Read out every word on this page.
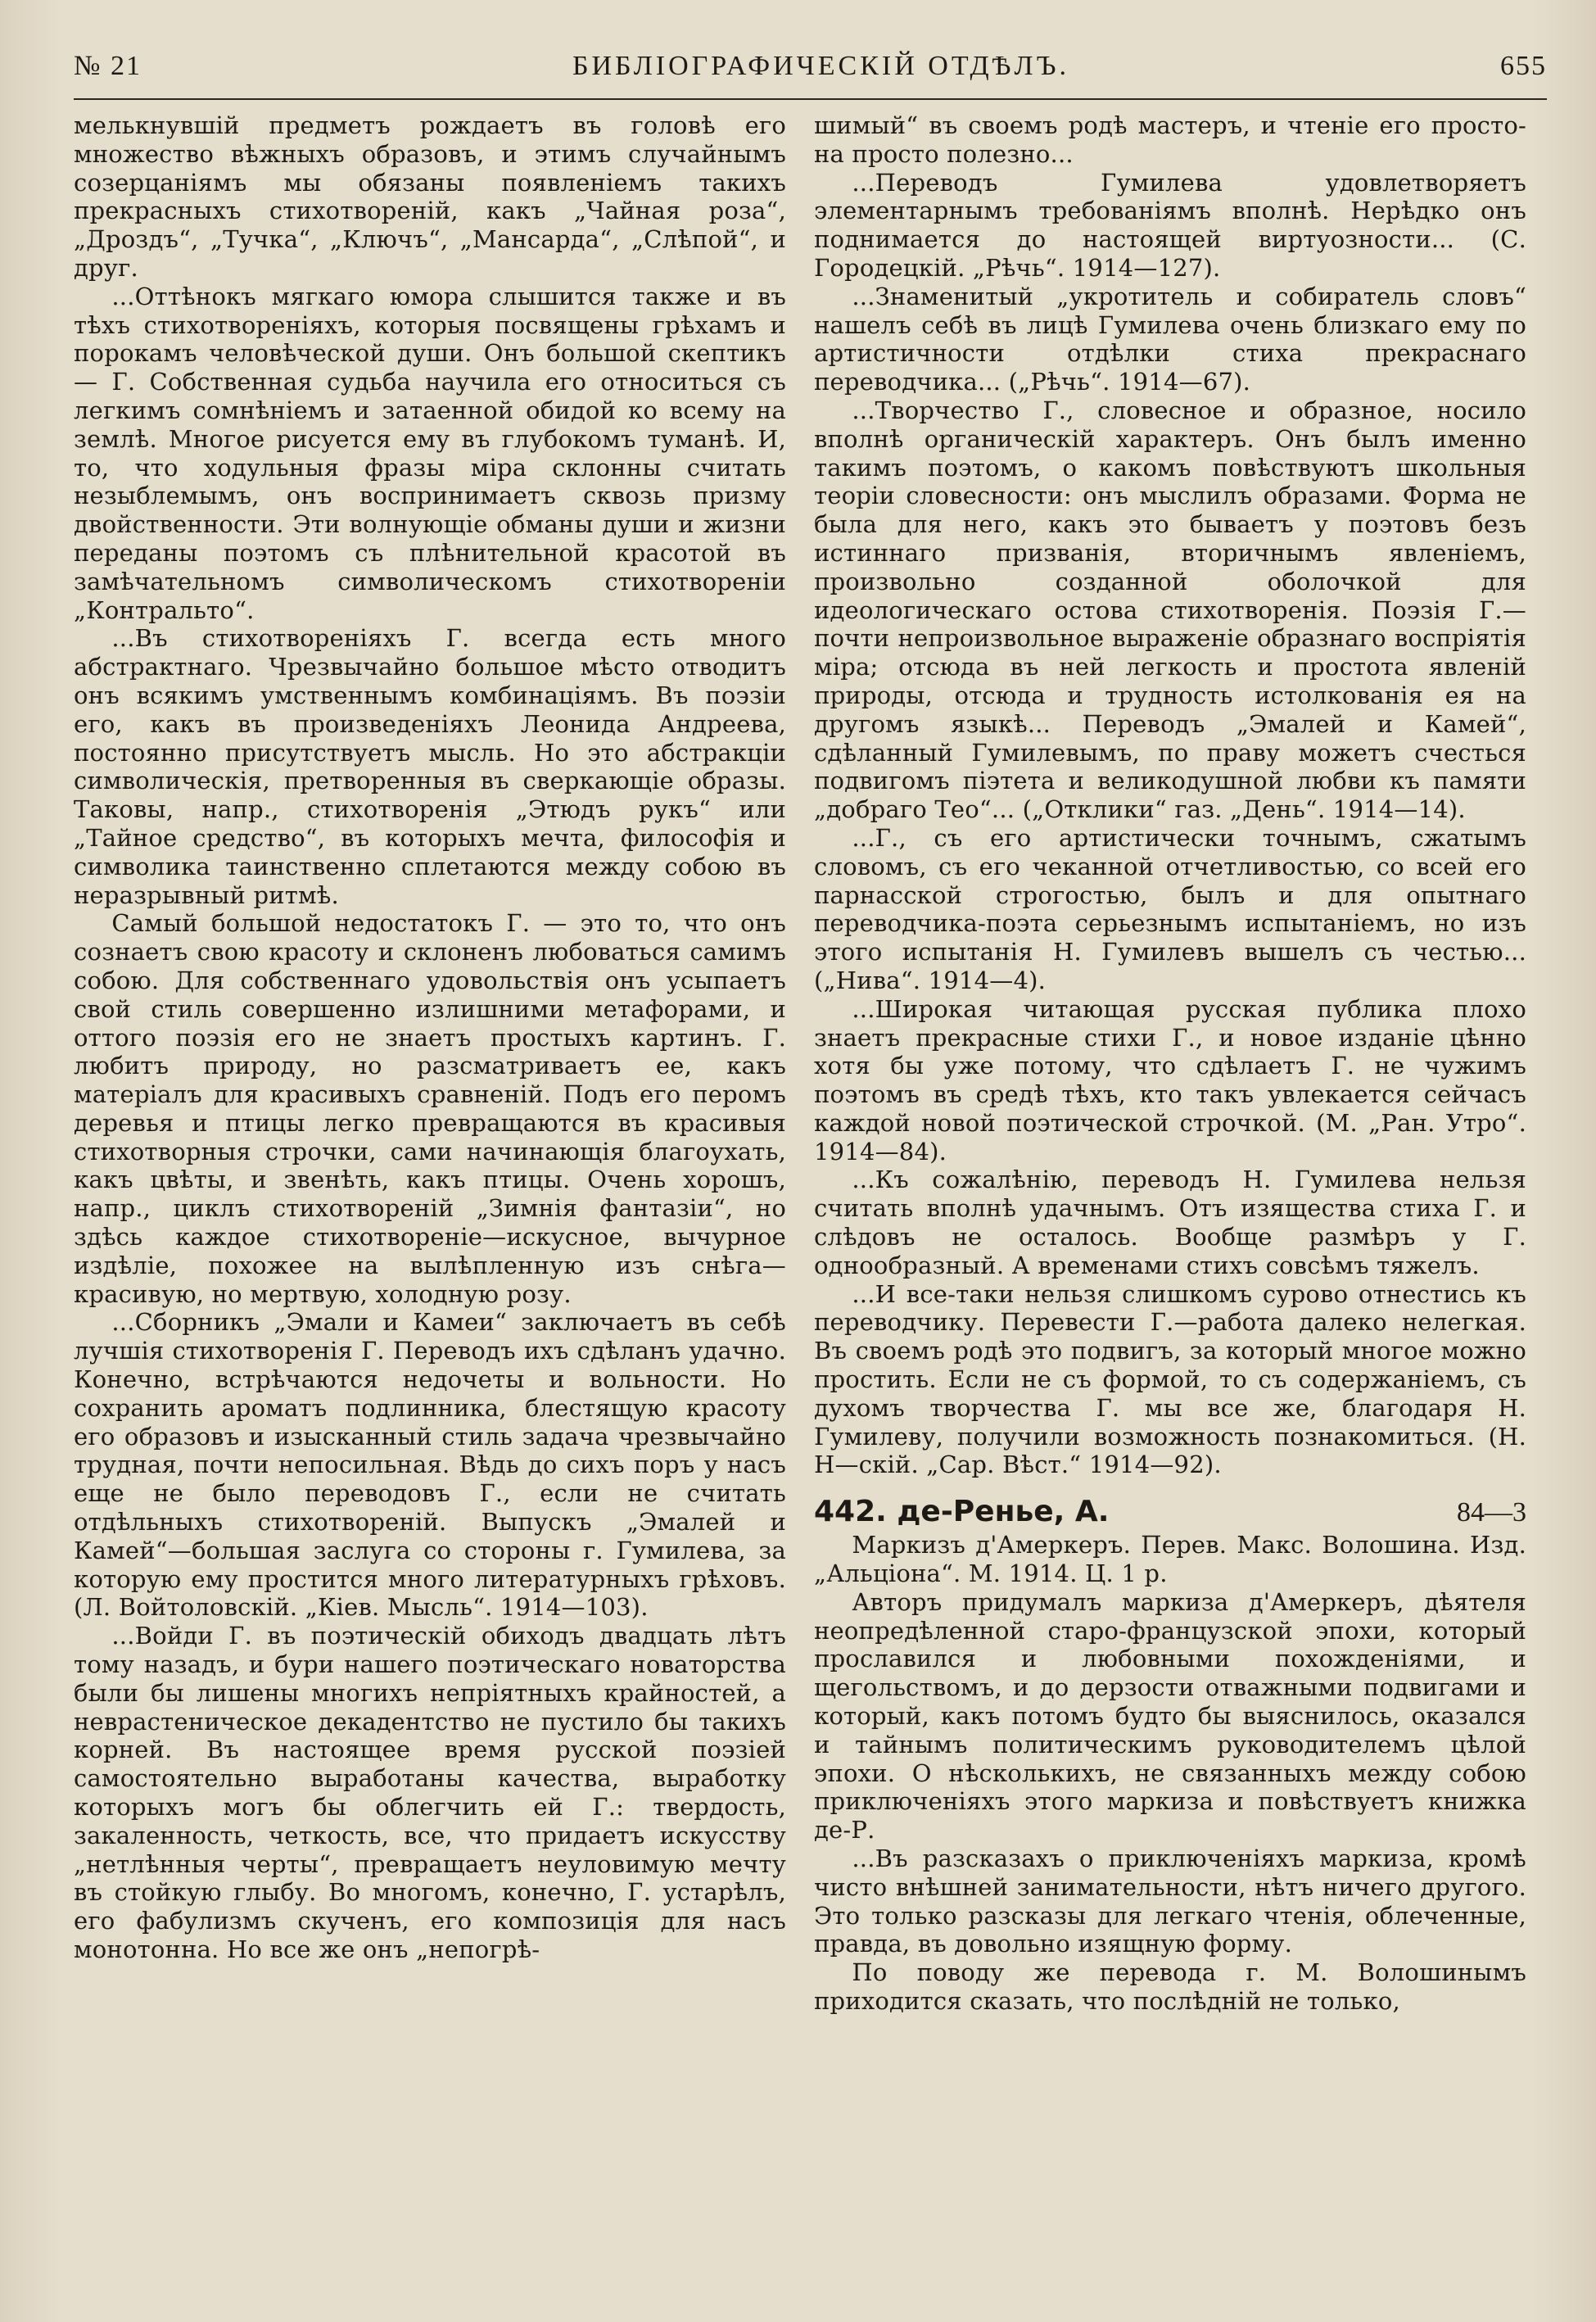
№ 21	БИБЛІОГРАФИЧЕСКІЙ ОТДѢЛЪ.	655

мелькнувшій предметъ рождаетъ въ головѣ его множество вѣжныхъ образовъ, и этимъ случайнымъ созерцаніямъ мы обязаны появленіемъ такихъ прекрасныхъ стихотвореній, какъ „Чайная роза“, „Дроздъ“, „Тучка“, „Ключъ“, „Мансарда“, „Слѣпой“, и друг.

...Оттѣнокъ мягкаго юмора слышится также и въ тѣхъ стихотвореніяхъ, которыя посвящены грѣхамъ и порокамъ человѣческой души. Онъ большой скептикъ — Г. Собственная судьба научила его относиться съ легкимъ сомнѣніемъ и затаенной обидой ко всему на землѣ. Многое рисуется ему въ глубокомъ туманѣ. И, то, что ходульныя фразы міра склонны считать незыблемымъ, онъ воспринимаетъ сквозь призму двойственности. Эти волнующіе обманы души и жизни переданы поэтомъ съ плѣнительной красотой въ замѣчательномъ символическомъ стихотвореніи „Контральто“.

...Въ стихотвореніяхъ Г. всегда есть много абстрактнаго. Чрезвычайно большое мѣсто отводитъ онъ всякимъ умственнымъ комбинаціямъ. Въ поэзіи его, какъ въ произведеніяхъ Леонида Андреева, постоянно присутствуетъ мысль. Но это абстракціи символическія, претворенныя въ сверкающіе образы. Таковы, напр., стихотворенія „Этюдъ рукъ“ или „Тайное средство“, въ которыхъ мечта, философія и символика таинственно сплетаются между собою въ неразрывный ритмѣ.

Самый большой недостатокъ Г. — это то, что онъ сознаетъ свою красоту и склоненъ любоваться самимъ собою. Для собственнаго удовольствія онъ усыпаетъ свой стиль совершенно излишними метафорами, и оттого поэзія его не знаетъ простыхъ картинъ. Г. любитъ природу, но разсматриваетъ ее, какъ матеріалъ для красивыхъ сравненій. Подъ его перомъ деревья и птицы легко превращаются въ красивыя стихотворныя строчки, сами начинающія благоухать, какъ цвѣты, и звенѣть, какъ птицы. Очень хорошъ, напр., циклъ стихотвореній „Зимнія фантазіи“, но здѣсь каждое стихотвореніе—искусное, вычурное издѣліе, похожее на вылѣпленную изъ снѣга—красивую, но мертвую, холодную розу.

...Сборникъ „Эмали и Камеи“ заключаетъ въ себѣ лучшія стихотворенія Г. Переводъ ихъ сдѣланъ удачно. Конечно, встрѣчаются недочеты и вольности. Но сохранить ароматъ подлинника, блестящую красоту его образовъ и изысканный стиль задача чрезвычайно трудная, почти непосильная. Вѣдь до сихъ поръ у насъ еще не было переводовъ Г., если не считать отдѣльныхъ стихотвореній. Выпускъ „Эмалей и Камей“—большая заслуга со стороны г. Гумилева, за которую ему простится много литературныхъ грѣховъ. (Л. Войтоловскій. „Кіев. Мысль“. 1914—103).

...Войди Г. въ поэтическій обиходъ двадцать лѣтъ тому назадъ, и бури нашего поэтическаго новаторства были бы лишены многихъ непріятныхъ крайностей, а неврастеническое декадентство не пустило бы такихъ корней. Въ настоящее время русской поэзіей самостоятельно выработаны качества, выработку которыхъ могъ бы облегчить ей Г.: твердость, закаленность, четкость, все, что придаетъ искусству „нетлѣнныя черты“, превращаетъ неуловимую мечту въ стойкую глыбу. Во многомъ, конечно, Г. устарѣлъ, его фабулизмъ скученъ, его композиція для насъ монотонна. Но все же онъ „непогрѣ-

шимый“ въ своемъ родѣ мастеръ, и чтеніе его просто-на просто полезно...

...Переводъ Гумилева удовлетворяетъ элементарнымъ требованіямъ вполнѣ. Нерѣдко онъ поднимается до настоящей виртуозности... (С. Городецкій. „Рѣчь“. 1914—127).

...Знаменитый „укротитель и собиратель словъ“ нашелъ себѣ въ лицѣ Гумилева очень близкаго ему по артистичности отдѣлки стиха прекраснаго переводчика... („Рѣчь“. 1914—67).

...Творчество Г., словесное и образное, носило вполнѣ органическій характеръ. Онъ былъ именно такимъ поэтомъ, о какомъ повѣствуютъ школьныя теоріи словесности: онъ мыслилъ образами. Форма не была для него, какъ это бываетъ у поэтовъ безъ истиннаго призванія, вторичнымъ явленіемъ, произвольно созданной оболочкой для идеологическаго остова стихотворенія. Поэзія Г.—почти непроизвольное выраженіе образнаго воспріятія міра; отсюда въ ней легкость и простота явленій природы, отсюда и трудность истолкованія ея на другомъ языкѣ... Переводъ „Эмалей и Камей“, сдѣланный Гумилевымъ, по праву можетъ счесться подвигомъ піэтета и великодушной любви къ памяти „добраго Тео“... („Отклики“ газ. „День“. 1914—14).

...Г., съ его артистически точнымъ, сжатымъ словомъ, съ его чеканной отчетливостью, со всей его парнасской строгостью, былъ и для опытнаго переводчика-поэта серьезнымъ испытаніемъ, но изъ этого испытанія Н. Гумилевъ вышелъ съ честью... („Нива“. 1914—4).

...Широкая читающая русская публика плохо знаетъ прекрасные стихи Г., и новое изданіе цѣнно хотя бы уже потому, что сдѣлаетъ Г. не чужимъ поэтомъ въ средѣ тѣхъ, кто такъ увлекается сейчасъ каждой новой поэтической строчкой. (М. „Ран. Утро“. 1914—84).

...Къ сожалѣнію, переводъ Н. Гумилева нельзя считать вполнѣ удачнымъ. Отъ изящества стиха Г. и слѣдовъ не осталось. Вообще размѣръ у Г. однообразный. А временами стихъ совсѣмъ тяжелъ.

...И все-таки нельзя слишкомъ сурово отнестись къ переводчику. Перевести Г.—работа далеко нелегкая. Въ своемъ родѣ это подвигъ, за который многое можно простить. Если не съ формой, то съ содержаніемъ, съ духомъ творчества Г. мы все же, благодаря Н. Гумилеву, получили возможность познакомиться. (Н. Н—скій. „Сар. Вѣст.“ 1914—92).

442. де-Ренье, А.	84—3

Маркизъ д'Амеркеръ. Перев. Макс. Волошина. Изд. „Альціона“. М. 1914. Ц. 1 р.

Авторъ придумалъ маркиза д'Амеркеръ, дѣятеля неопредѣленной старо-французской эпохи, который прославился и любовными похожденіями, и щегольствомъ, и до дерзости отважными подвигами и который, какъ потомъ будто бы выяснилось, оказался и тайнымъ политическимъ руководителемъ цѣлой эпохи. О нѣсколькихъ, не связанныхъ между собою приключеніяхъ этого маркиза и повѣствуетъ книжка де-Р.

...Въ разсказахъ о приключеніяхъ маркиза, кромѣ чисто внѣшней занимательности, нѣтъ ничего другого. Это только разсказы для легкаго чтенія, облеченные, правда, въ довольно изящную форму.

По поводу же перевода г. М. Волошинымъ приходится сказать, что послѣдній не только,
